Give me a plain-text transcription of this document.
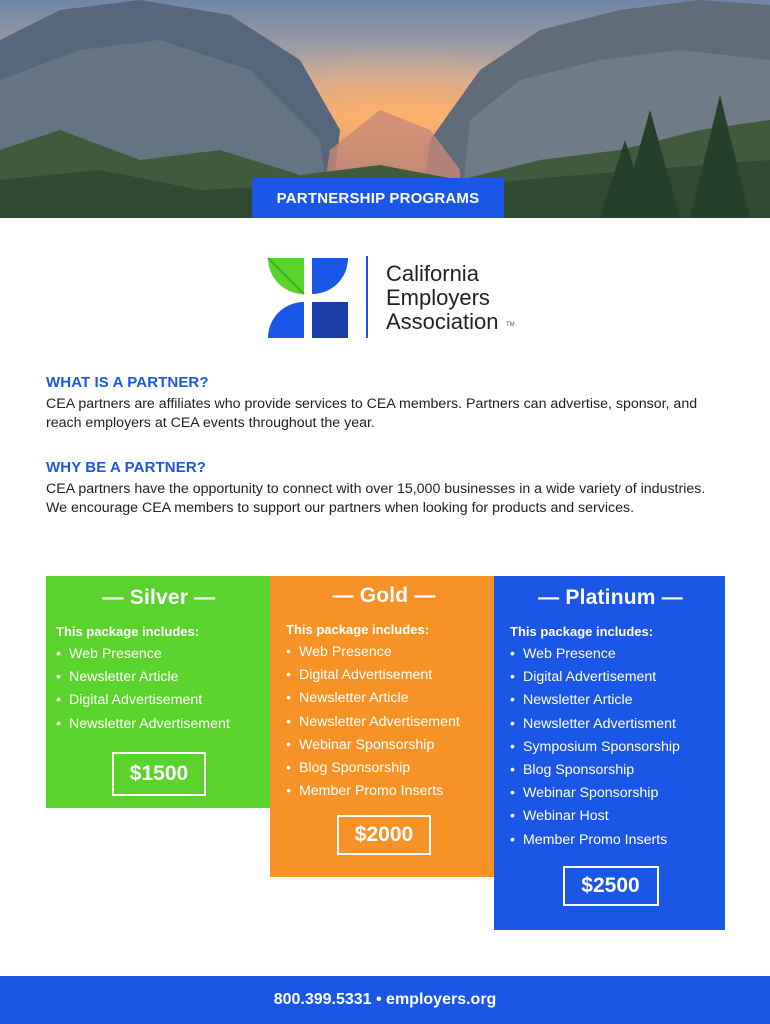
PARTNERSHIP PROGRAMS
California
Employers
Association TM
WHAT IS A PARTNER?

CEA partners are affiliates who provide services to CEA members. Partners can advertise, sponsor, and reach employers at CEA events throughout the year.

WHY BE A PARTNER?

CEA partners have the opportunity to connect with over 15,000 businesses in a wide variety of industries. We encourage CEA members to support our partners when looking for products and services.

— Silver —
This package includes:
• Web Presence
• Newsletter Article
• Digital Advertisement
• Newsletter Advertisement
$1500
— Gold —
This package includes:
• Web Presence
• Digital Advertisement
• Newsletter Article
• Newsletter Advertisement
• Webinar Sponsorship
• Blog Sponsorship
• Member Promo Inserts
$2000
— Platinum —
This package includes:
• Web Presence
• Digital Advertisement
• Newsletter Article
• Newsletter Advertisment
• Symposium Sponsorship
• Blog Sponsorship
• Webinar Sponsorship
• Webinar Host
• Member Promo Inserts
$2500
800.399.5331 • employers.org
